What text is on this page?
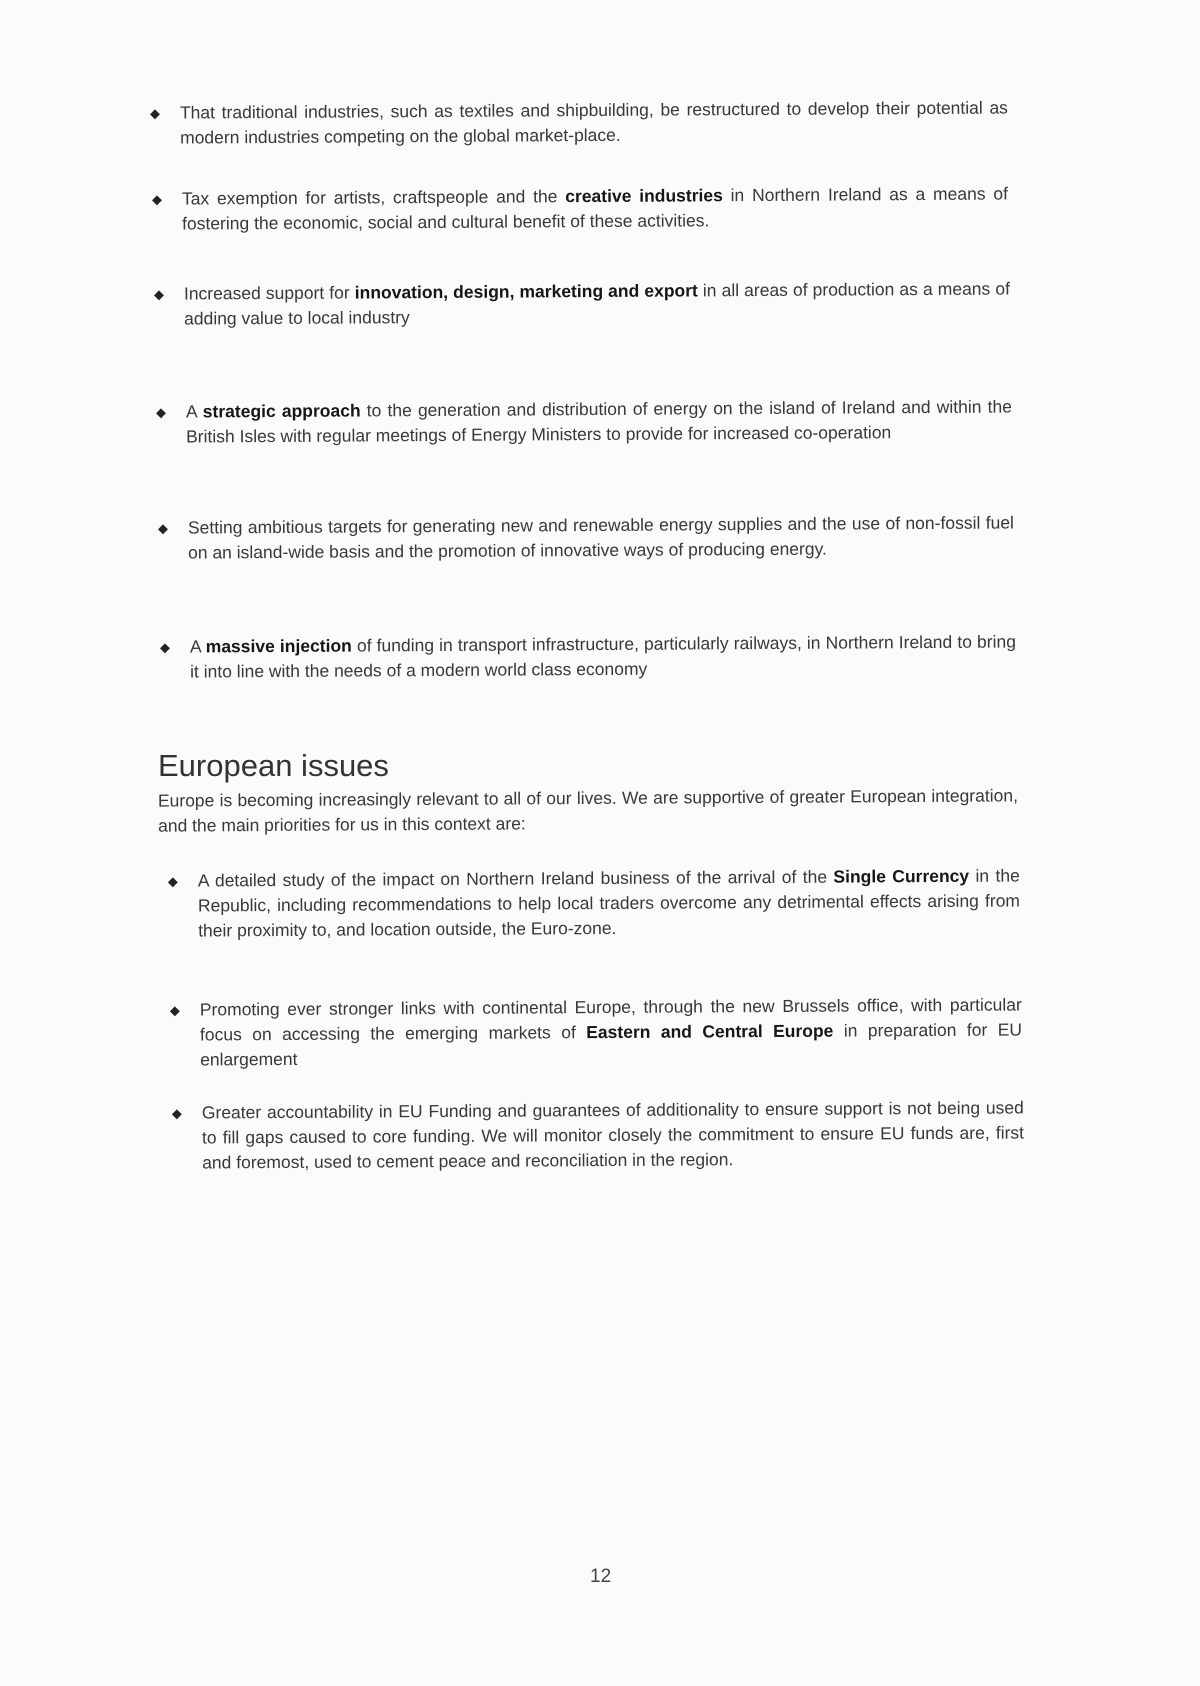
◆ That traditional industries, such as textiles and shipbuilding, be restructured to develop their potential as modern industries competing on the global market-place.
◆ Tax exemption for artists, craftspeople and the creative industries in Northern Ireland as a means of fostering the economic, social and cultural benefit of these activities.
◆ Increased support for innovation, design, marketing and export in all areas of production as a means of adding value to local industry
◆ A strategic approach to the generation and distribution of energy on the island of Ireland and within the British Isles with regular meetings of Energy Ministers to provide for increased co-operation
◆ Setting ambitious targets for generating new and renewable energy supplies and the use of non-fossil fuel on an island-wide basis and the promotion of innovative ways of producing energy.
◆ A massive injection of funding in transport infrastructure, particularly railways, in Northern Ireland to bring it into line with the needs of a modern world class economy
European issues
Europe is becoming increasingly relevant to all of our lives. We are supportive of greater European integration, and the main priorities for us in this context are:
◆ A detailed study of the impact on Northern Ireland business of the arrival of the Single Currency in the Republic, including recommendations to help local traders overcome any detrimental effects arising from their proximity to, and location outside, the Euro-zone.
◆ Promoting ever stronger links with continental Europe, through the new Brussels office, with particular focus on accessing the emerging markets of Eastern and Central Europe in preparation for EU enlargement
◆ Greater accountability in EU Funding and guarantees of additionality to ensure support is not being used to fill gaps caused to core funding. We will monitor closely the commitment to ensure EU funds are, first and foremost, used to cement peace and reconciliation in the region.
12
